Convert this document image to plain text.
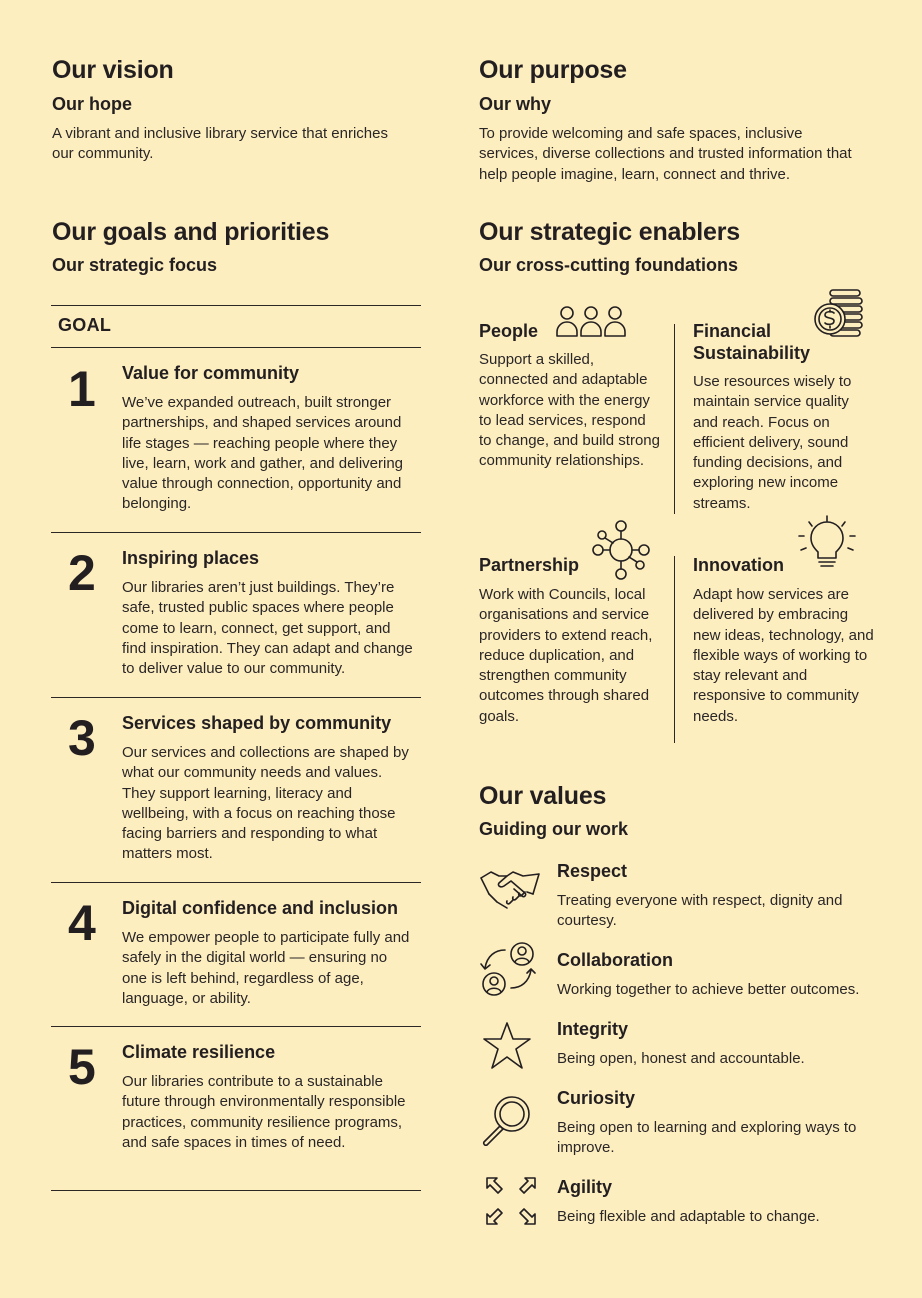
Our vision
Our hope

A vibrant and inclusive library service that enriches our community.

Our goals and priorities
Our strategic focus
GOAL
1 Value for community
We’ve expanded outreach, built stronger partnerships, and shaped services around life stages — reaching people where they live, learn, work and gather, and delivering value through connection, opportunity and belonging.
2 Inspiring places
Our libraries aren’t just buildings. They’re safe, trusted public spaces where people come to learn, connect, get support, and find inspiration. They can adapt and change to deliver value to our community.
3 Services shaped by community
Our services and collections are shaped by what our community needs and values. They support learning, literacy and wellbeing, with a focus on reaching those facing barriers and responding to what matters most.
4 Digital confidence and inclusion
We empower people to participate fully and safely in the digital world — ensuring no one is left behind, regardless of age, language, or ability.
5 Climate resilience
Our libraries contribute to a sustainable future through environmentally responsible practices, community resilience programs, and safe spaces in times of need.
Our purpose
Our why

To provide welcoming and safe spaces, inclusive services, diverse collections and trusted information that help people imagine, learn, connect and thrive.

Our strategic enablers
Our cross-cutting foundations
People
Support a skilled, connected and adaptable workforce with the energy to lead services, respond to change, and build strong community relationships.
Financial Sustainability
Use resources wisely to maintain service quality and reach. Focus on efficient delivery, sound funding decisions, and exploring new income streams.
Partnership
Work with Councils, local organisations and service providers to extend reach, reduce duplication, and strengthen community outcomes through shared goals.
Innovation
Adapt how services are delivered by embracing new ideas, technology, and flexible ways of working to stay relevant and responsive to community needs.
Our values
Guiding our work
Respect
Treating everyone with respect, dignity and courtesy.
Collaboration
Working together to achieve better outcomes.
Integrity
Being open, honest and accountable.
Curiosity
Being open to learning and exploring ways to improve.
Agility
Being flexible and adaptable to change.
